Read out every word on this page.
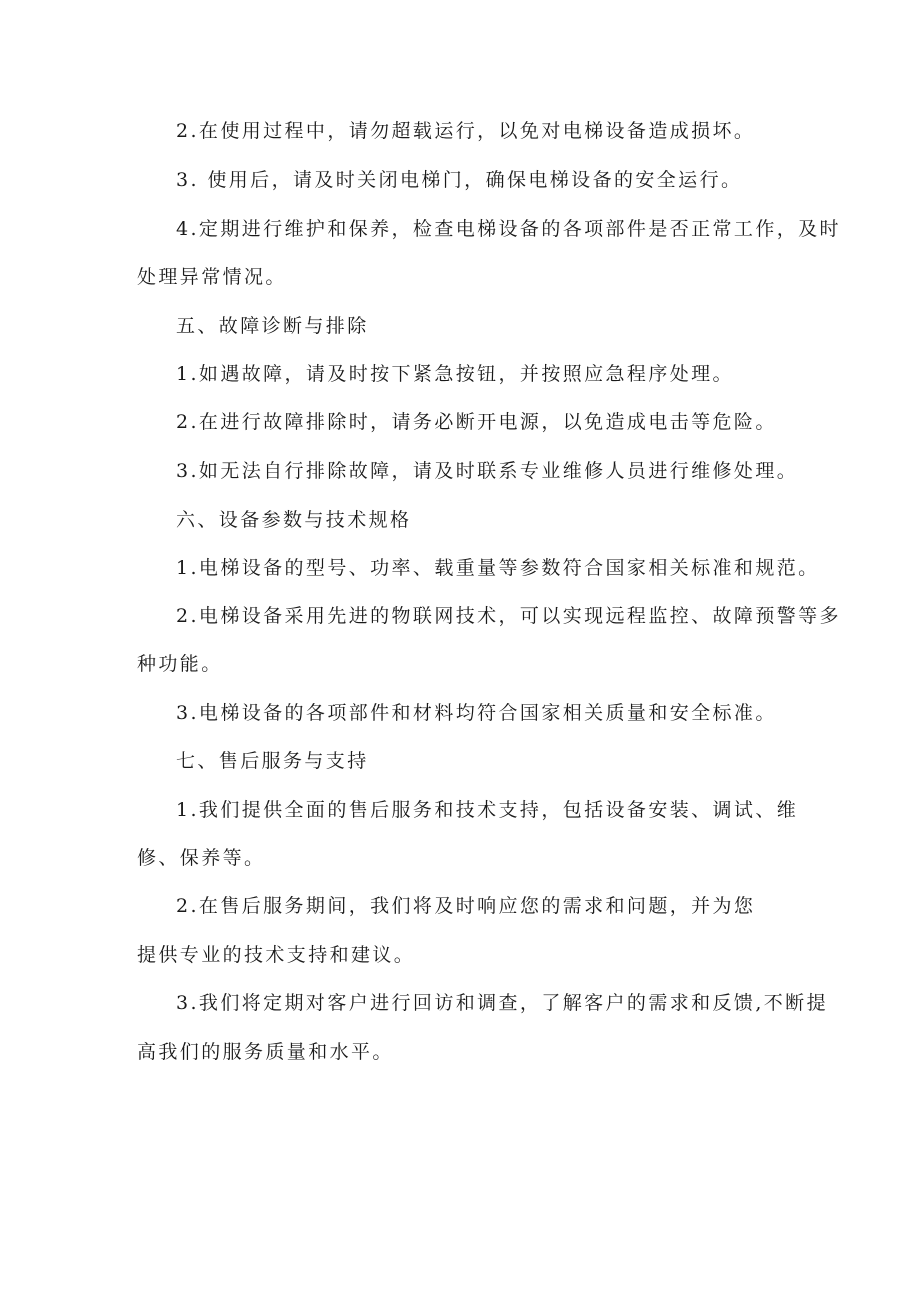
2.在使用过程中，请勿超载运行，以免对电梯设备造成损坏。
3. 使用后，请及时关闭电梯门，确保电梯设备的安全运行。
4.定期进行维护和保养，检查电梯设备的各项部件是否正常工作，及时
处理异常情况。
五、故障诊断与排除
1.如遇故障，请及时按下紧急按钮，并按照应急程序处理。
2.在进行故障排除时，请务必断开电源，以免造成电击等危险。
3.如无法自行排除故障，请及时联系专业维修人员进行维修处理。
六、设备参数与技术规格
1.电梯设备的型号、功率、载重量等参数符合国家相关标准和规范。
2.电梯设备采用先进的物联网技术，可以实现远程监控、故障预警等多
种功能。
3.电梯设备的各项部件和材料均符合国家相关质量和安全标准。
七、售后服务与支持
1.我们提供全面的售后服务和技术支持，包括设备安装、调试、维
修、保养等。
2.在售后服务期间，我们将及时响应您的需求和问题，并为您
提供专业的技术支持和建议。
3.我们将定期对客户进行回访和调查，了解客户的需求和反馈,不断提
高我们的服务质量和水平。
